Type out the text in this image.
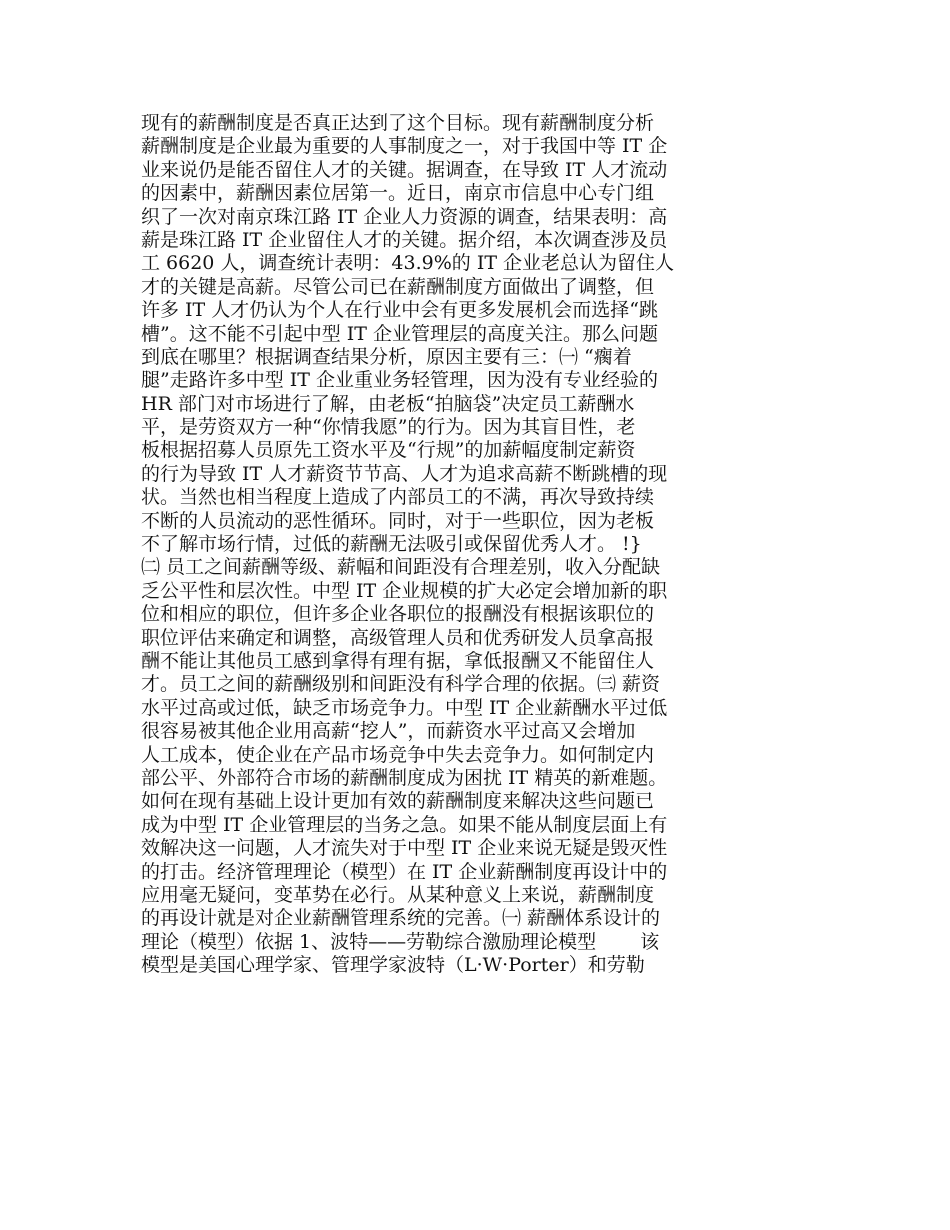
现有的薪酬制度是否真正达到了这个目标。现有薪酬制度分析
薪酬制度是企业最为重要的人事制度之一，对于我国中等 IT 企
业来说仍是能否留住人才的关键。据调查，在导致 IT 人才流动
的因素中，薪酬因素位居第一。近日，南京市信息中心专门组
织了一次对南京珠江路 IT 企业人力资源的调查，结果表明：高
薪是珠江路 IT 企业留住人才的关键。据介绍，本次调查涉及员
工 6620 人，调查统计表明：43.9%的 IT 企业老总认为留住人
才的关键是高薪。尽管公司已在薪酬制度方面做出了调整，但
许多 IT 人才仍认为个人在行业中会有更多发展机会而选择“跳
槽”。这不能不引起中型 IT 企业管理层的高度关注。那么问题
到底在哪里？根据调查结果分析，原因主要有三：㈠ “瘸着
腿”走路许多中型 IT 企业重业务轻管理，因为没有专业经验的
HR 部门对市场进行了解，由老板“拍脑袋”决定员工薪酬水
平，是劳资双方一种“你情我愿”的行为。因为其盲目性，老
板根据招募人员原先工资水平及“行规”的加薪幅度制定薪资
的行为导致 IT 人才薪资节节高、人才为追求高薪不断跳槽的现
状。当然也相当程度上造成了内部员工的不满，再次导致持续
不断的人员流动的恶性循环。同时，对于一些职位，因为老板
不了解市场行情，过低的薪酬无法吸引或保留优秀人才。 !}
㈡ 员工之间薪酬等级、薪幅和间距没有合理差别，收入分配缺
乏公平性和层次性。中型 IT 企业规模的扩大必定会增加新的职
位和相应的职位，但许多企业各职位的报酬没有根据该职位的
职位评估来确定和调整，高级管理人员和优秀研发人员拿高报
酬不能让其他员工感到拿得有理有据，拿低报酬又不能留住人
才。员工之间的薪酬级别和间距没有科学合理的依据。㈢ 薪资
水平过高或过低，缺乏市场竞争力。中型 IT 企业薪酬水平过低
很容易被其他企业用高薪“挖人”，而薪资水平过高又会增加
人工成本，使企业在产品市场竞争中失去竞争力。如何制定内
部公平、外部符合市场的薪酬制度成为困扰 IT 精英的新难题。
如何在现有基础上设计更加有效的薪酬制度来解决这些问题已
成为中型 IT 企业管理层的当务之急。如果不能从制度层面上有
效解决这一问题，人才流失对于中型 IT 企业来说无疑是毁灭性
的打击。经济管理理论（模型）在 IT 企业薪酬制度再设计中的
应用毫无疑问，变革势在必行。从某种意义上来说，薪酬制度
的再设计就是对企业薪酬管理系统的完善。㈠ 薪酬体系设计的
理论（模型）依据 1、波特——劳勒综合激励理论模型　　 该
模型是美国心理学家、管理学家波特（L·W·Porter）和劳勒
